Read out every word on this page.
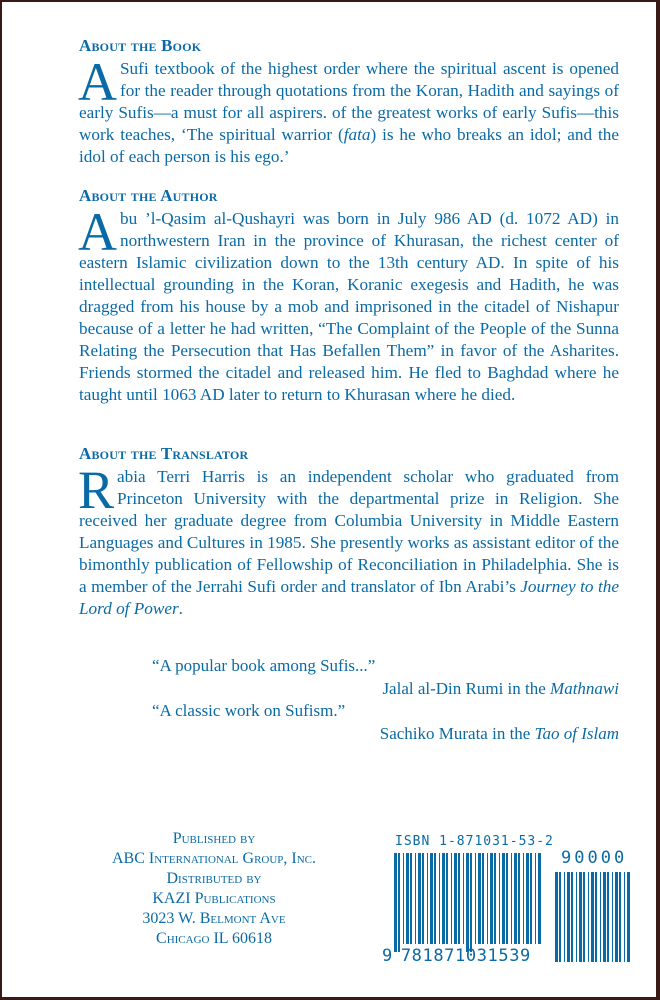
About the Book

A Sufi textbook of the highest order where the spiritual ascent is opened for the reader through quotations from the Koran, Hadith and sayings of early Sufis—a must for all aspirers. of the greatest works of early Sufis—this work teaches, ‘The spiritual warrior (fata) is he who breaks an idol; and the idol of each person is his ego.’

About the Author

Abu ’l-Qasim al-Qushayri was born in July 986 AD (d. 1072 AD) in northwestern Iran in the province of Khurasan, the richest center of eastern Islamic civilization down to the 13th century AD. In spite of his intellectual grounding in the Koran, Koranic exegesis and Hadith, he was dragged from his house by a mob and imprisoned in the citadel of Nishapur because of a letter he had written, “The Complaint of the People of the Sunna Relating the Persecution that Has Befallen Them” in favor of the Asharites. Friends stormed the citadel and released him. He fled to Baghdad where he taught until 1063 AD later to return to Khurasan where he died.

About the Translator

Rabia Terri Harris is an independent scholar who graduated from Princeton University with the departmental prize in Religion. She received her graduate degree from Columbia University in Middle Eastern Languages and Cultures in 1985. She presently works as assistant editor of the bimonthly publication of Fellowship of Reconciliation in Philadelphia. She is a member of the Jerrahi Sufi order and translator of Ibn Arabi’s Journey to the Lord of Power.

“A popular book among Sufis...”

Jalal al-Din Rumi in the Mathnawi

“A classic work on Sufism.”

Sachiko Murata in the Tao of Islam

Published by
ABC International Group, Inc.
Distributed by
KAZI Publications
3023 W. Belmont Ave
Chicago IL 60618
ISBN 1-871031-53-2
90000
9 781871031539
